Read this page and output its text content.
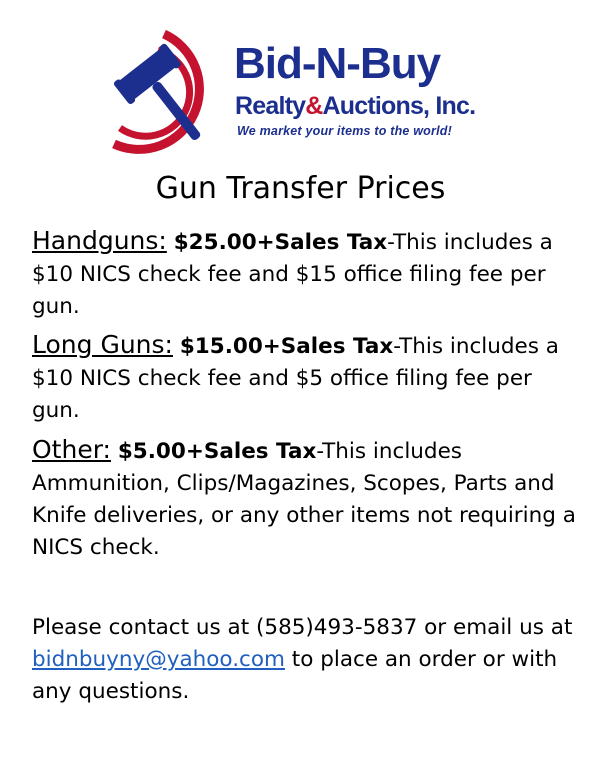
Bid-N-Buy
Realty&Auctions, Inc.
We market your items to the world!
Gun Transfer Prices

Handguns: $25.00+Sales Tax-This includes a $10 NICS check fee and $15 office filing fee per gun.

Long Guns: $15.00+Sales Tax-This includes a $10 NICS check fee and $5 office filing fee per gun.

Other: $5.00+Sales Tax-This includes Ammunition, Clips/Magazines, Scopes, Parts and Knife deliveries, or any other items not requiring a NICS check.

Please contact us at (585)493-5837 or email us at bidnbuyny@yahoo.com to place an order or with any questions.
